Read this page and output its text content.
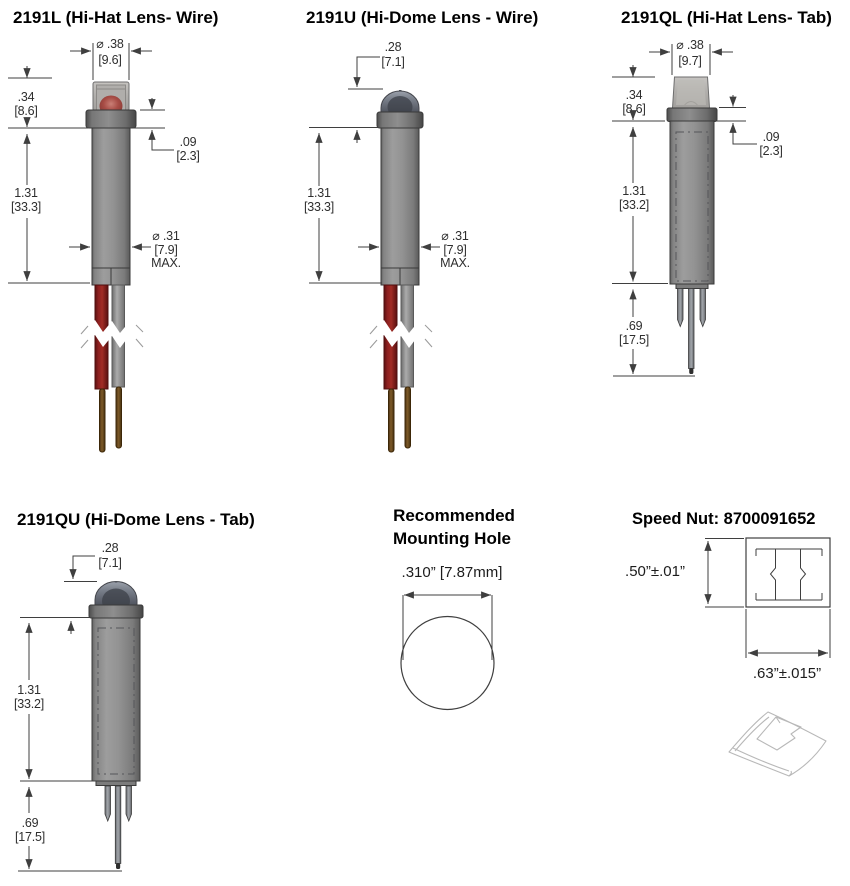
2191L (Hi-Hat Lens- Wire)
⌀ .38
[9.6]
.34
[8.6]
1.31
[33.3]
.09
[2.3]
⌀ .31
[7.9]
MAX.
2191U (Hi-Dome Lens - Wire)
.28
[7.1]
1.31
[33.3]
⌀ .31
[7.9]
MAX.
2191QL (Hi-Hat Lens- Tab)
⌀ .38
[9.7]
.34
[8.6]
1.31
[33.2]
.09
[2.3]
.69
[17.5]
2191QU (Hi-Dome Lens - Tab)
.28
[7.1]
1.31
[33.2]
.69
[17.5]
Recommended
Mounting Hole
.310” [7.87mm]
Speed Nut: 8700091652
.50”±.01”
.63”±.015”
